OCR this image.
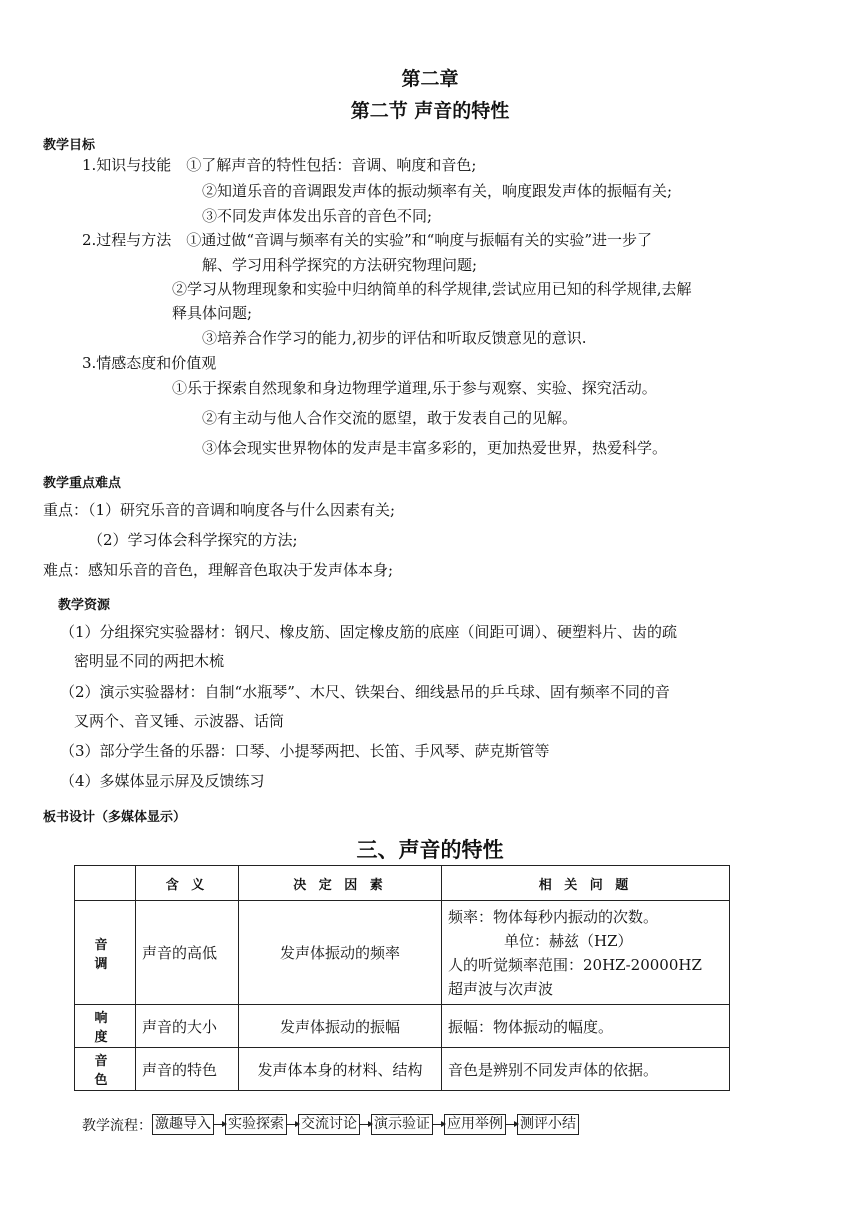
第二章
第二节 声音的特性
教学目标
1.知识与技能　①了解声音的特性包括：音调、响度和音色;
②知道乐音的音调跟发声体的振动频率有关，响度跟发声体的振幅有关;
③不同发声体发出乐音的音色不同;
2.过程与方法　①通过做“音调与频率有关的实验”和“响度与振幅有关的实验”进一步了
解、学习用科学探究的方法研究物理问题;
②学习从物理现象和实验中归纳简单的科学规律,尝试应用已知的科学规律,去解
释具体问题;
③培养合作学习的能力,初步的评估和听取反馈意见的意识.
3.情感态度和价值观
①乐于探索自然现象和身边物理学道理,乐于参与观察、实验、探究活动。
②有主动与他人合作交流的愿望，敢于发表自己的见解。
③体会现实世界物体的发声是丰富多彩的，更加热爱世界，热爱科学。
教学重点难点
重点：（1）研究乐音的音调和响度各与什么因素有关;
（2）学习体会科学探究的方法;
难点：感知乐音的音色，理解音色取决于发声体本身;
教学资源
（1）分组探究实验器材：钢尺、橡皮筋、固定橡皮筋的底座（间距可调）、硬塑料片、齿的疏
密明显不同的两把木梳
（2）演示实验器材：自制“水瓶琴”、木尺、铁架台、细线悬吊的乒乓球、固有频率不同的音
叉两个、音叉锤、示波器、话筒
（3）部分学生备的乐器：口琴、小提琴两把、长笛、手风琴、萨克斯管等
（4）多媒体显示屏及反馈练习
板书设计（多媒体显示）
三、声音的特性
	含 义	决 定 因 素	相 关 问 题
音 调	声音的高低	发声体振动的频率	频率：物体每秒内振动的次数。
单位：赫兹（HZ）
人的听觉频率范围：20HZ-20000HZ
超声波与次声波

响 度	声音的大小	发声体振动的振幅	振幅：物体振动的幅度。
音 色	声音的特色	发声体本身的材料、结构	音色是辨别不同发声体的依据。
教学流程： 激趣导入 实验探索 交流讨论 演示验证 应用举例 测评小结
